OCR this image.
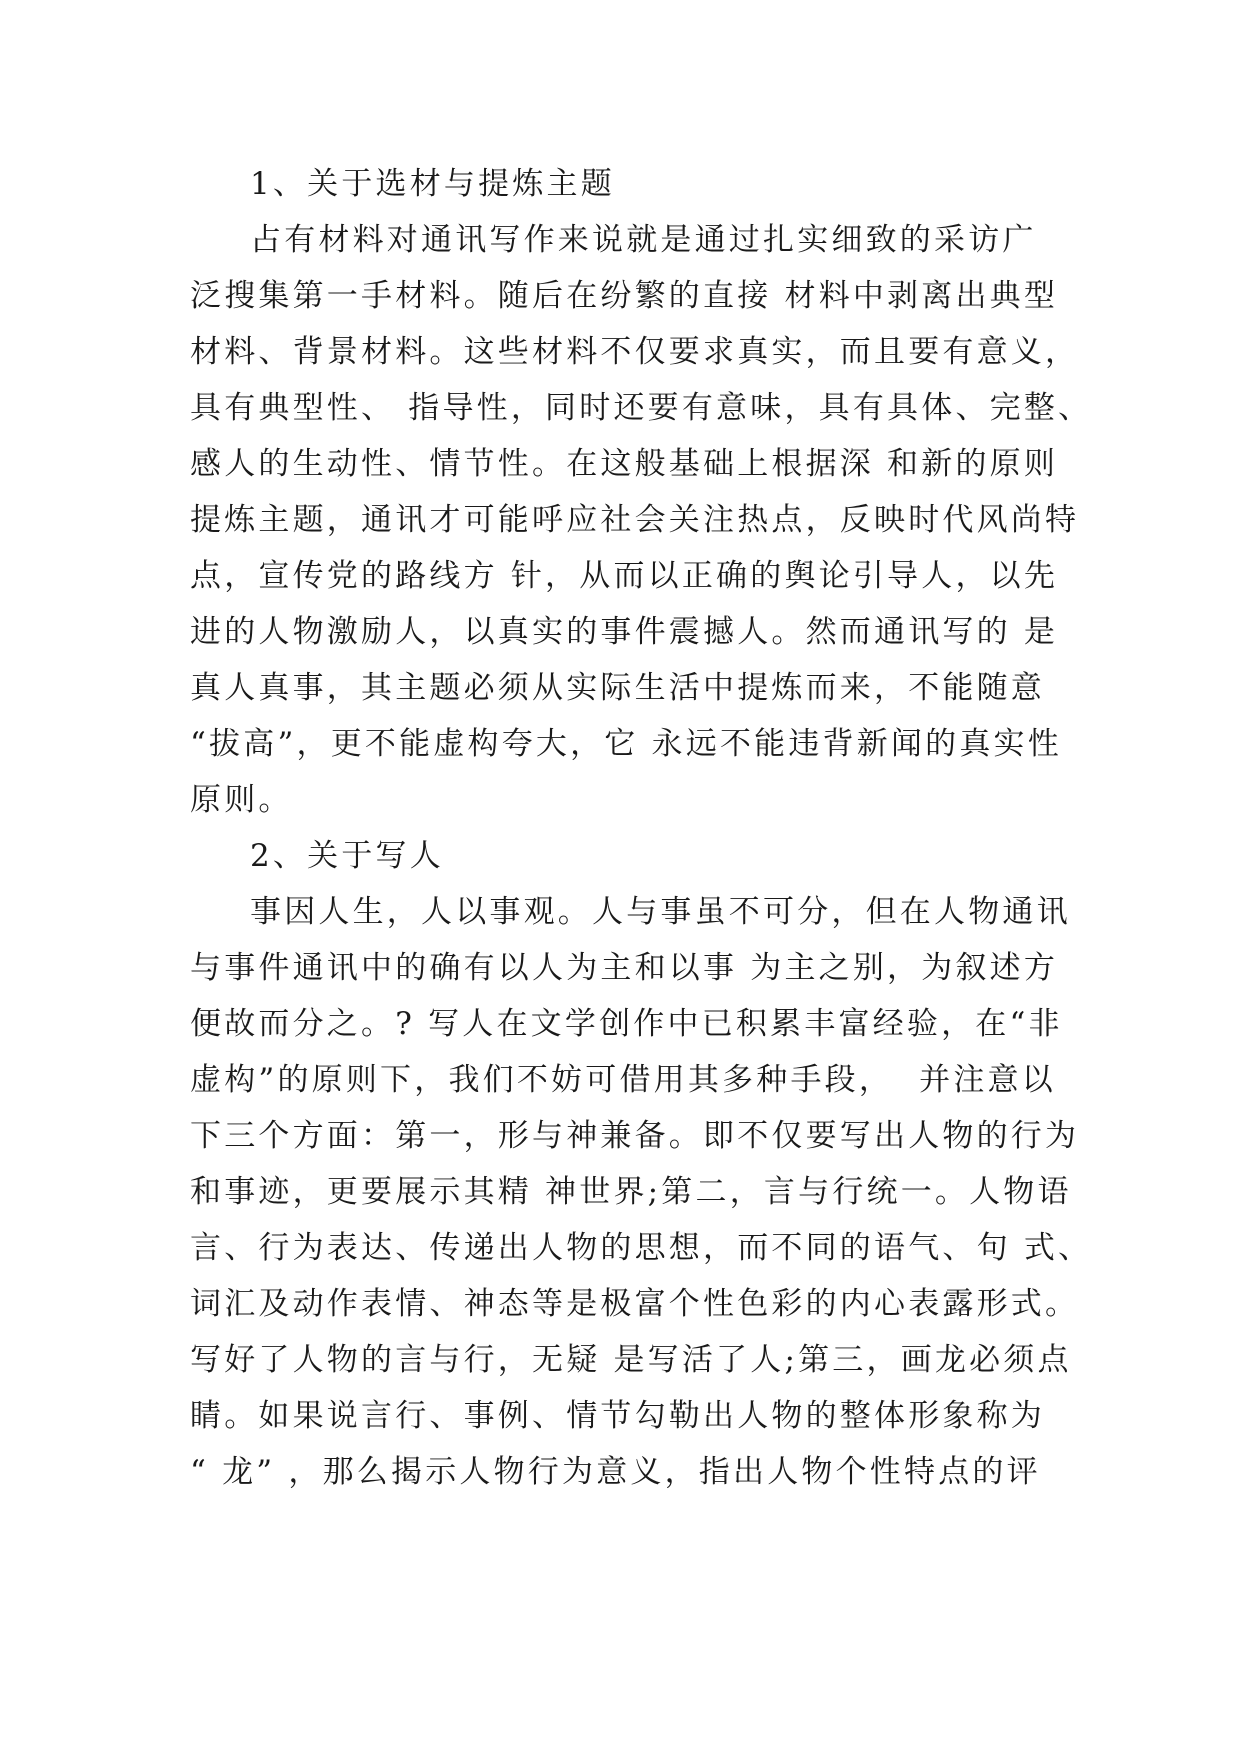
1、关于选材与提炼主题
占有材料对通讯写作来说就是通过扎实细致的采访广
泛搜集第一手材料。随后在纷繁的直接 材料中剥离出典型
材料、背景材料。这些材料不仅要求真实，而且要有意义，
具有典型性、 指导性，同时还要有意味，具有具体、完整、
感人的生动性、情节性。在这般基础上根据深 和新的原则
提炼主题，通讯才可能呼应社会关注热点，反映时代风尚特
点，宣传党的路线方 针，从而以正确的舆论引导人，以先
进的人物激励人，以真实的事件震撼人。然而通讯写的 是
真人真事，其主题必须从实际生活中提炼而来，不能随意
“拔高”，更不能虚构夸大，它 永远不能违背新闻的真实性
原则。
2、关于写人
事因人生，人以事观。人与事虽不可分，但在人物通讯
与事件通讯中的确有以人为主和以事 为主之别，为叙述方
便故而分之。? 写人在文学创作中已积累丰富经验，在“非
虚构”的原则下，我们不妨可借用其多种手段，  并注意以
下三个方面：第一，形与神兼备。即不仅要写出人物的行为
和事迹，更要展示其精 神世界;第二，言与行统一。人物语
言、行为表达、传递出人物的思想，而不同的语气、句 式、
词汇及动作表情、神态等是极富个性色彩的内心表露形式。
写好了人物的言与行，无疑 是写活了人;第三，画龙必须点
睛。如果说言行、事例、情节勾勒出人物的整体形象称为
“ 龙” ，那么揭示人物行为意义，指出人物个性特点的评
